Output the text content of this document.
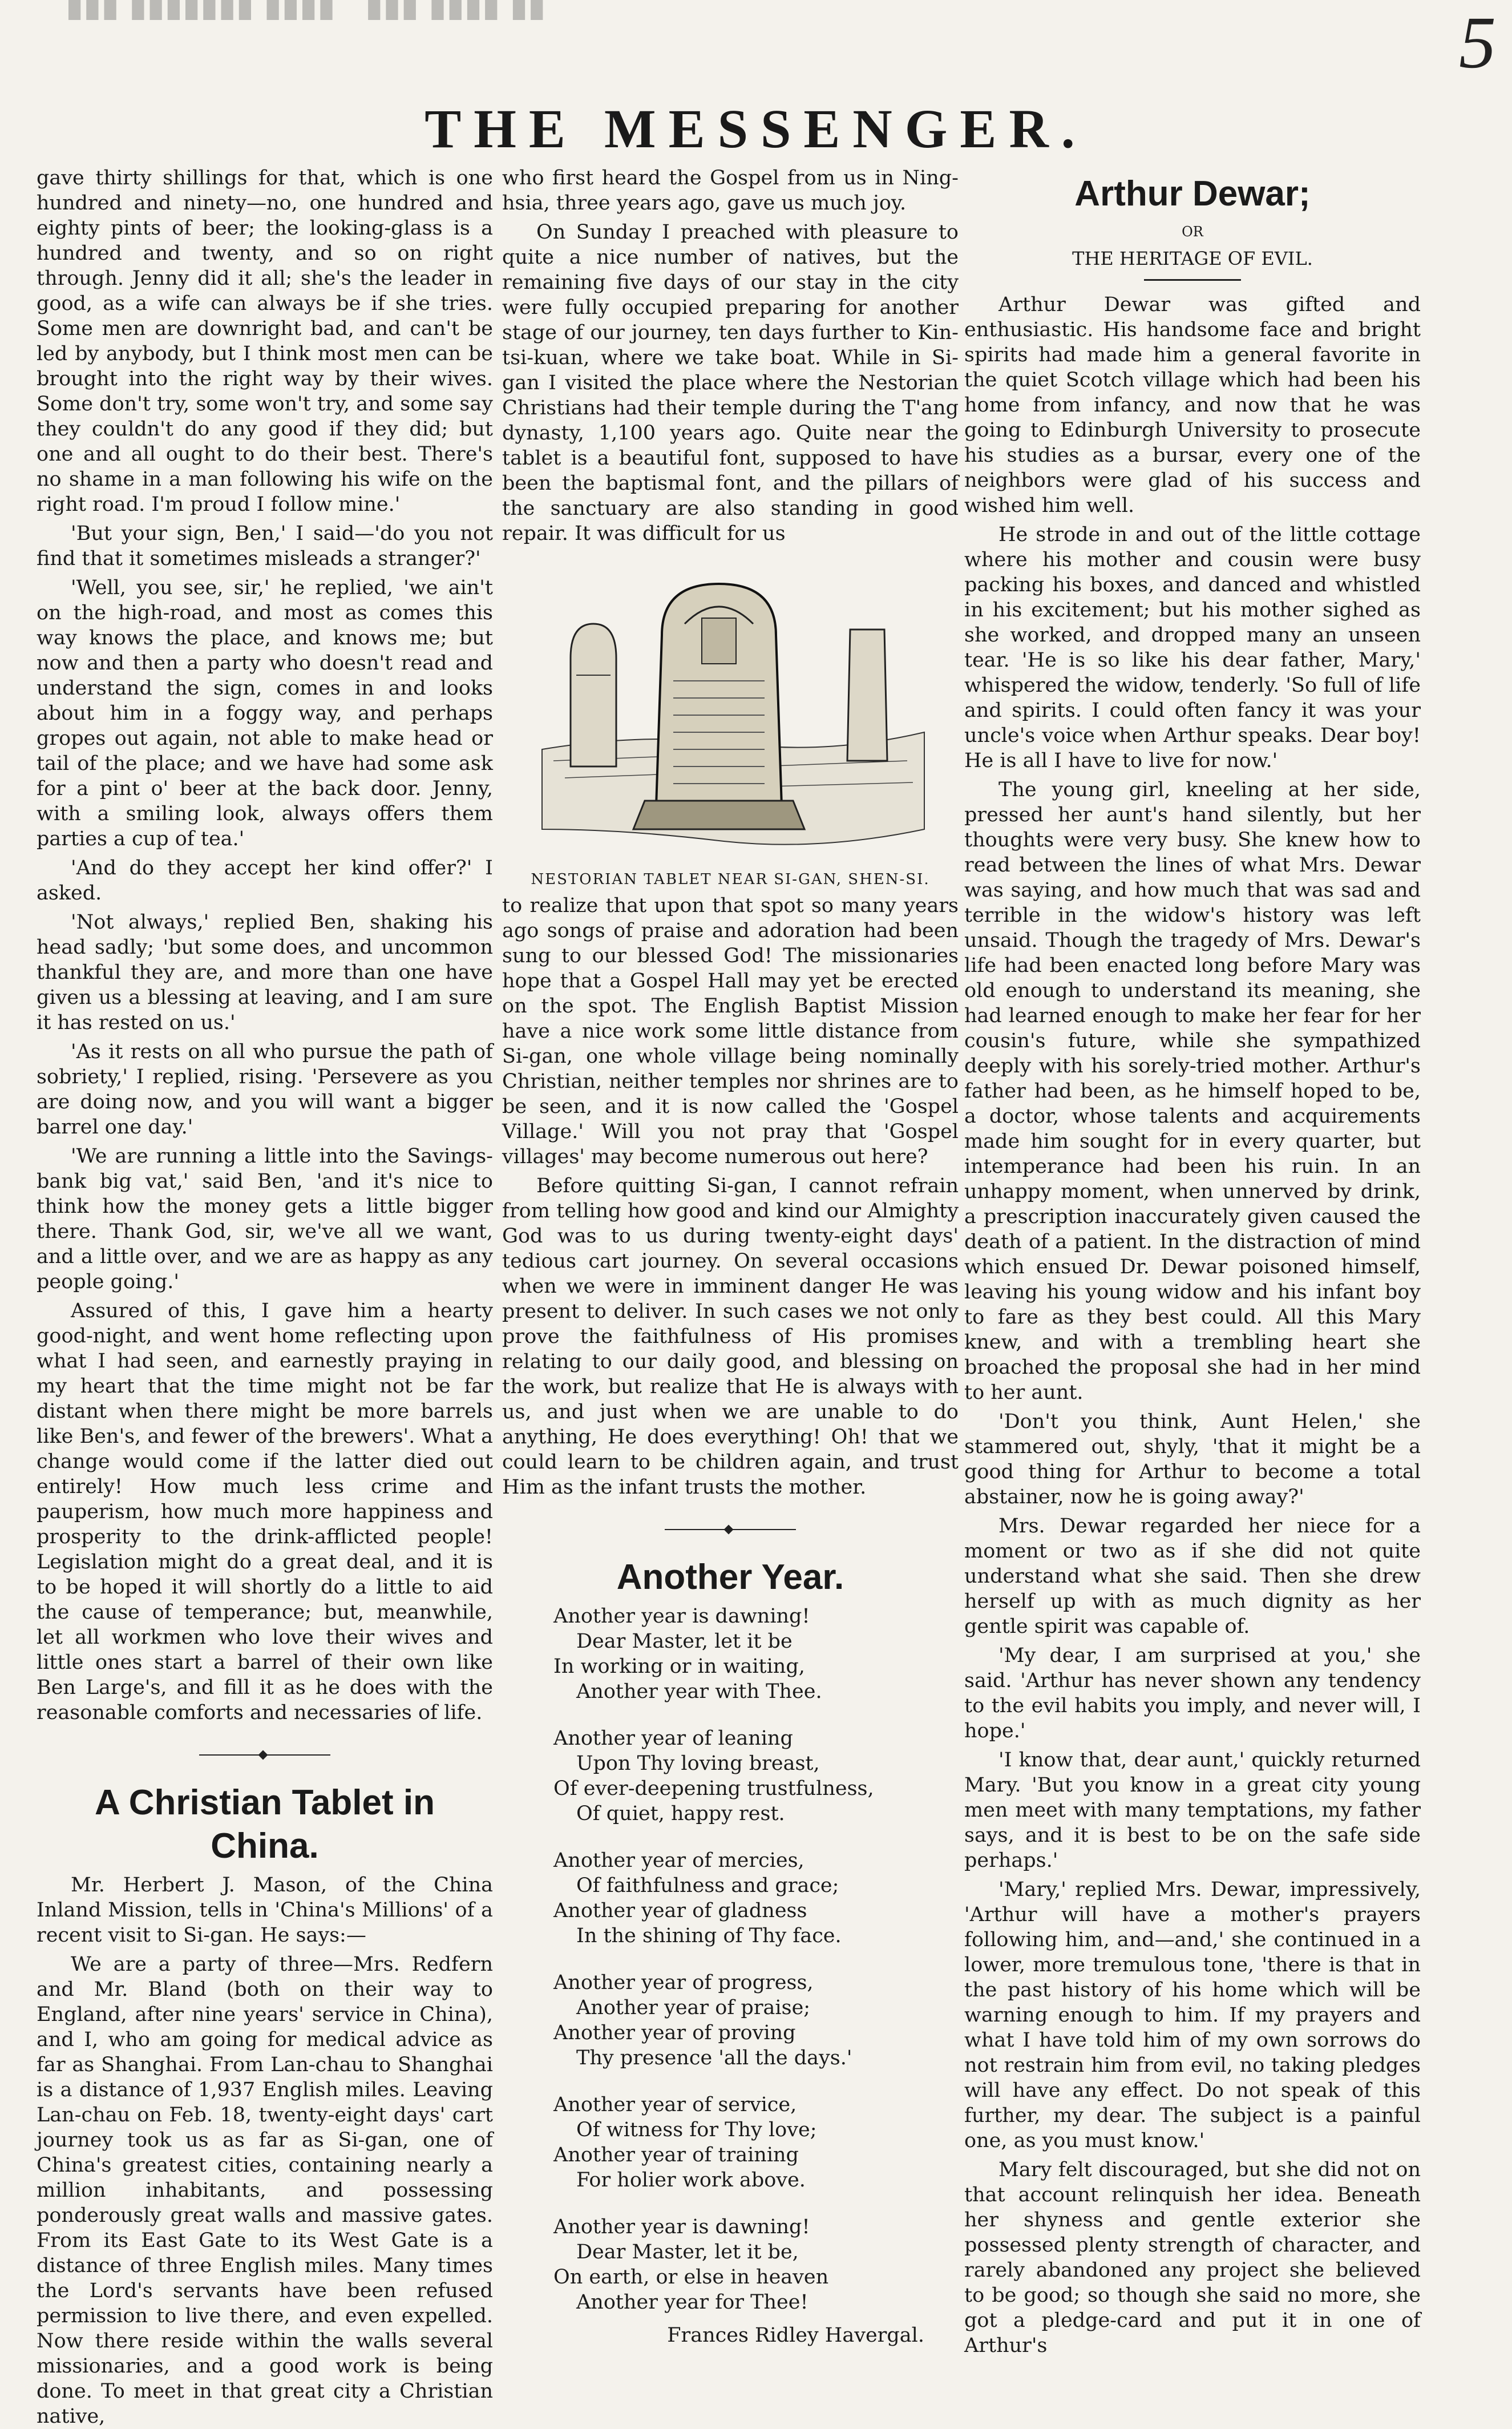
5
███ ███████ ████   ███ ████ ██
THE MESSENGER.

gave thirty shillings for that, which is one hundred and ninety—no, one hundred and eighty pints of beer; the looking-glass is a hundred and twenty, and so on right through. Jenny did it all; she's the leader in good, as a wife can always be if she tries. Some men are downright bad, and can't be led by anybody, but I think most men can be brought into the right way by their wives. Some don't try, some won't try, and some say they couldn't do any good if they did; but one and all ought to do their best. There's no shame in a man following his wife on the right road. I'm proud I follow mine.'

'But your sign, Ben,' I said—'do you not find that it sometimes misleads a stranger?'

'Well, you see, sir,' he replied, 'we ain't on the high-road, and most as comes this way knows the place, and knows me; but now and then a party who doesn't read and understand the sign, comes in and looks about him in a foggy way, and perhaps gropes out again, not able to make head or tail of the place; and we have had some ask for a pint o' beer at the back door. Jenny, with a smiling look, always offers them parties a cup of tea.'

'And do they accept her kind offer?' I asked.

'Not always,' replied Ben, shaking his head sadly; 'but some does, and uncommon thankful they are, and more than one have given us a blessing at leaving, and I am sure it has rested on us.'

'As it rests on all who pursue the path of sobriety,' I replied, rising. 'Persevere as you are doing now, and you will want a bigger barrel one day.'

'We are running a little into the Savings-bank big vat,' said Ben, 'and it's nice to think how the money gets a little bigger there. Thank God, sir, we've all we want, and a little over, and we are as happy as any people going.'

Assured of this, I gave him a hearty good-night, and went home reflecting upon what I had seen, and earnestly praying in my heart that the time might not be far distant when there might be more barrels like Ben's, and fewer of the brewers'. What a change would come if the latter died out entirely! How much less crime and pauperism, how much more happiness and prosperity to the drink-afflicted people! Legislation might do a great deal, and it is to be hoped it will shortly do a little to aid the cause of temperance; but, meanwhile, let all workmen who love their wives and little ones start a barrel of their own like Ben Large's, and fill it as he does with the reasonable comforts and necessaries of life.

A Christian Tablet in China.

Mr. Herbert J. Mason, of the China Inland Mission, tells in 'China's Millions' of a recent visit to Si-gan. He says:—

We are a party of three—Mrs. Redfern and Mr. Bland (both on their way to England, after nine years' service in China), and I, who am going for medical advice as far as Shanghai. From Lan-chau to Shanghai is a distance of 1,937 English miles. Leaving Lan-chau on Feb. 18, twenty-eight days' cart journey took us as far as Si-gan, one of China's greatest cities, containing nearly a million inhabitants, and possessing ponderously great walls and massive gates. From its East Gate to its West Gate is a distance of three English miles. Many times the Lord's servants have been refused permission to live there, and even expelled. Now there reside within the walls several missionaries, and a good work is being done. To meet in that great city a Christian native,

who first heard the Gospel from us in Ning-hsia, three years ago, gave us much joy.

On Sunday I preached with pleasure to quite a nice number of natives, but the remaining five days of our stay in the city were fully occupied preparing for another stage of our journey, ten days further to Kin-tsi-kuan, where we take boat. While in Si-gan I visited the place where the Nestorian Christians had their temple during the T'ang dynasty, 1,100 years ago. Quite near the tablet is a beautiful font, supposed to have been the baptismal font, and the pillars of the sanctuary are also standing in good repair. It was difficult for us

NESTORIAN TABLET NEAR SI-GAN, SHEN-SI.

to realize that upon that spot so many years ago songs of praise and adoration had been sung to our blessed God! The missionaries hope that a Gospel Hall may yet be erected on the spot. The English Baptist Mission have a nice work some little distance from Si-gan, one whole village being nominally Christian, neither temples nor shrines are to be seen, and it is now called the 'Gospel Village.' Will you not pray that 'Gospel villages' may become numerous out here?

Before quitting Si-gan, I cannot refrain from telling how good and kind our Almighty God was to us during twenty-eight days' tedious cart journey. On several occasions when we were in imminent danger He was present to deliver. In such cases we not only prove the faithfulness of His promises relating to our daily good, and blessing on the work, but realize that He is always with us, and just when we are unable to do anything, He does everything! Oh! that we could learn to be children again, and trust Him as the infant trusts the mother.

Another Year.
Another year is dawning!
Dear Master, let it be
In working or in waiting,
Another year with Thee.
Another year of leaning
Upon Thy loving breast,
Of ever-deepening trustfulness,
Of quiet, happy rest.
Another year of mercies,
Of faithfulness and grace;
Another year of gladness
In the shining of Thy face.
Another year of progress,
Another year of praise;
Another year of proving
Thy presence 'all the days.'
Another year of service,
Of witness for Thy love;
Another year of training
For holier work above.
Another year is dawning!
Dear Master, let it be,
On earth, or else in heaven
Another year for Thee!
Frances Ridley Havergal.
Arthur Dewar;

OR

THE HERITAGE OF EVIL.

Arthur Dewar was gifted and enthusiastic. His handsome face and bright spirits had made him a general favorite in the quiet Scotch village which had been his home from infancy, and now that he was going to Edinburgh University to prosecute his studies as a bursar, every one of the neighbors were glad of his success and wished him well.

He strode in and out of the little cottage where his mother and cousin were busy packing his boxes, and danced and whistled in his excitement; but his mother sighed as she worked, and dropped many an unseen tear. 'He is so like his dear father, Mary,' whispered the widow, tenderly. 'So full of life and spirits. I could often fancy it was your uncle's voice when Arthur speaks. Dear boy! He is all I have to live for now.'

The young girl, kneeling at her side, pressed her aunt's hand silently, but her thoughts were very busy. She knew how to read between the lines of what Mrs. Dewar was saying, and how much that was sad and terrible in the widow's history was left unsaid. Though the tragedy of Mrs. Dewar's life had been enacted long before Mary was old enough to understand its meaning, she had learned enough to make her fear for her cousin's future, while she sympathized deeply with his sorely-tried mother. Arthur's father had been, as he himself hoped to be, a doctor, whose talents and acquirements made him sought for in every quarter, but intemperance had been his ruin. In an unhappy moment, when unnerved by drink, a prescription inaccurately given caused the death of a patient. In the distraction of mind which ensued Dr. Dewar poisoned himself, leaving his young widow and his infant boy to fare as they best could. All this Mary knew, and with a trembling heart she broached the proposal she had in her mind to her aunt.

'Don't you think, Aunt Helen,' she stammered out, shyly, 'that it might be a good thing for Arthur to become a total abstainer, now he is going away?'

Mrs. Dewar regarded her niece for a moment or two as if she did not quite understand what she said. Then she drew herself up with as much dignity as her gentle spirit was capable of.

'My dear, I am surprised at you,' she said. 'Arthur has never shown any tendency to the evil habits you imply, and never will, I hope.'

'I know that, dear aunt,' quickly returned Mary. 'But you know in a great city young men meet with many temptations, my father says, and it is best to be on the safe side perhaps.'

'Mary,' replied Mrs. Dewar, impressively, 'Arthur will have a mother's prayers following him, and—and,' she continued in a lower, more tremulous tone, 'there is that in the past history of his home which will be warning enough to him. If my prayers and what I have told him of my own sorrows do not restrain him from evil, no taking pledges will have any effect. Do not speak of this further, my dear. The subject is a painful one, as you must know.'

Mary felt discouraged, but she did not on that account relinquish her idea. Beneath her shyness and gentle exterior she possessed plenty strength of character, and rarely abandoned any project she believed to be good; so though she said no more, she got a pledge-card and put it in one of Arthur's
